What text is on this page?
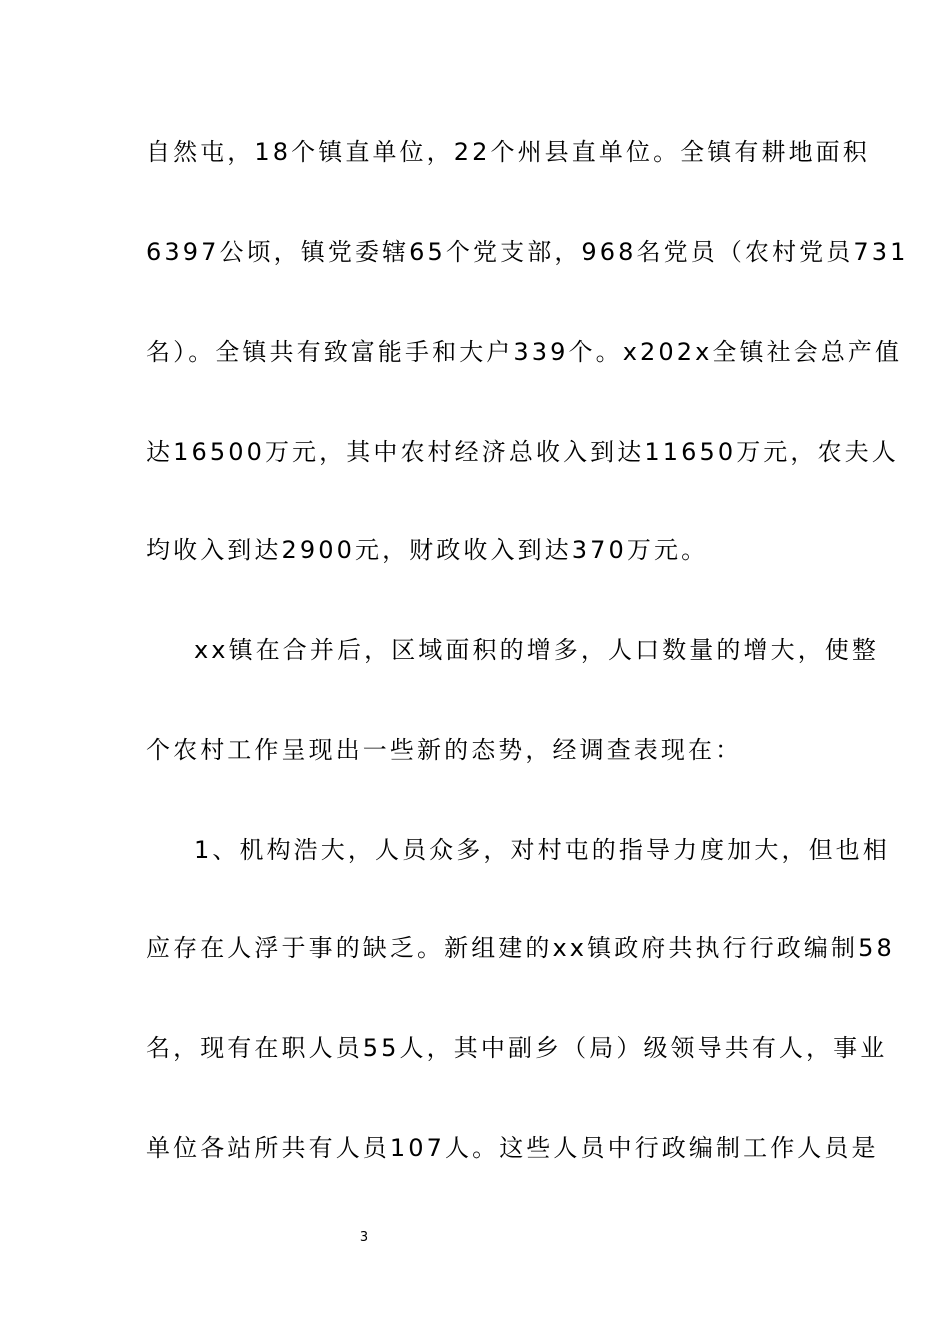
自然屯，18个镇直单位，22个州县直单位。全镇有耕地面积
6397公顷，镇党委辖65个党支部，968名党员（农村党员731
名）。全镇共有致富能手和大户339个。x202x全镇社会总产值
达16500万元，其中农村经济总收入到达11650万元，农夫人
均收入到达2900元，财政收入到达370万元。
xx镇在合并后，区域面积的增多，人口数量的增大，使整
个农村工作呈现出一些新的态势，经调查表现在：
1、机构浩大，人员众多，对村屯的指导力度加大，但也相
应存在人浮于事的缺乏。新组建的xx镇政府共执行行政编制58
名，现有在职人员55人，其中副乡（局）级领导共有人，事业
单位各站所共有人员107人。这些人员中行政编制工作人员是
3
